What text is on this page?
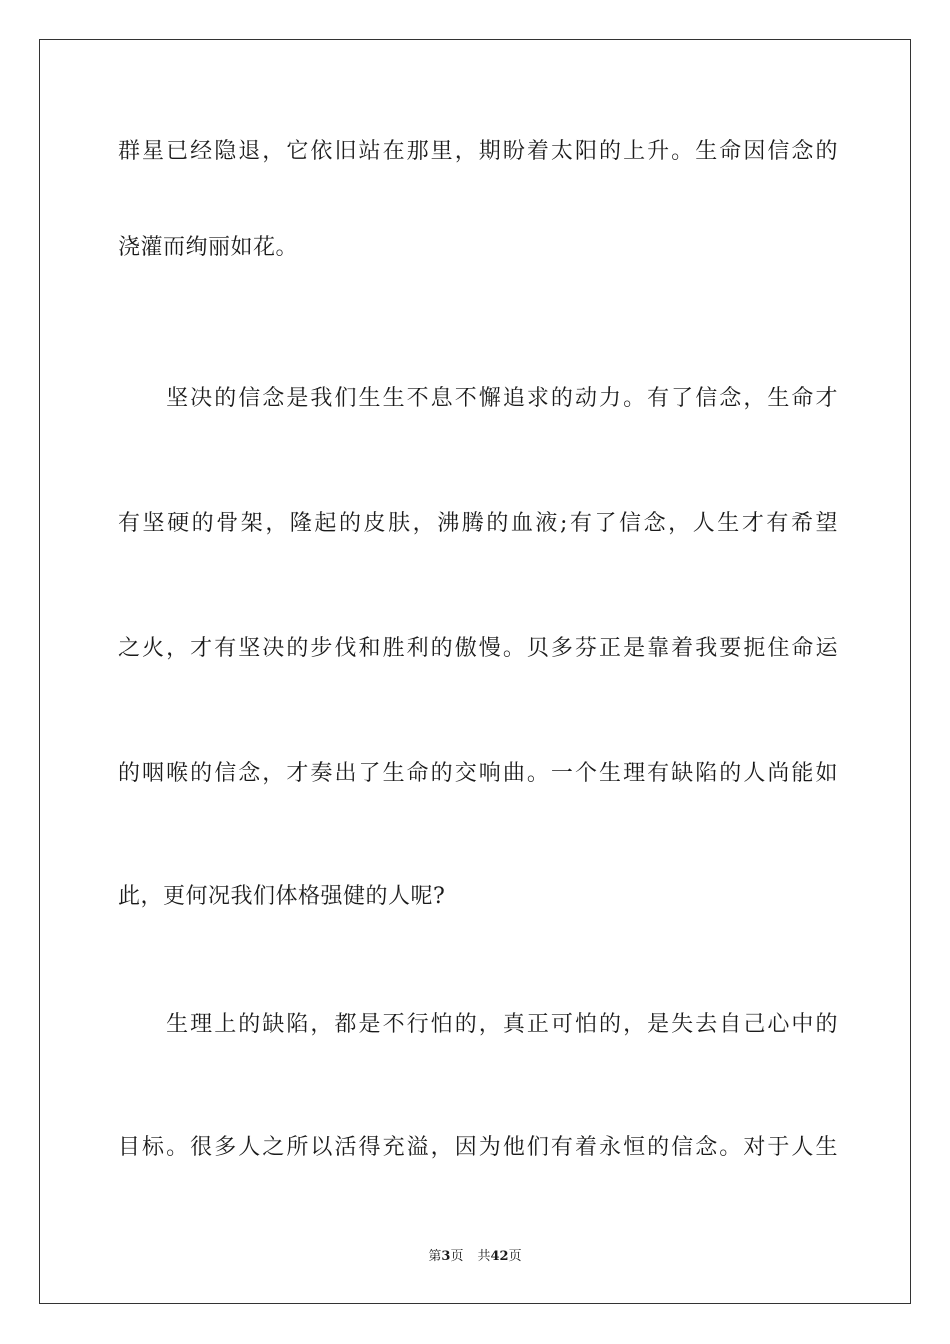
群星已经隐退，它依旧站在那里，期盼着太阳的上升。生命因信念的
浇灌而绚丽如花。
　　坚决的信念是我们生生不息不懈追求的动力。有了信念，生命才
有坚硬的骨架，隆起的皮肤，沸腾的血液;有了信念，人生才有希望
之火，才有坚决的步伐和胜利的傲慢。贝多芬正是靠着我要扼住命运
的咽喉的信念，才奏出了生命的交响曲。一个生理有缺陷的人尚能如
此，更何况我们体格强健的人呢?
　　生理上的缺陷，都是不行怕的，真正可怕的，是失去自己心中的
目标。很多人之所以活得充溢，因为他们有着永恒的信念。对于人生
第3页 共42页
